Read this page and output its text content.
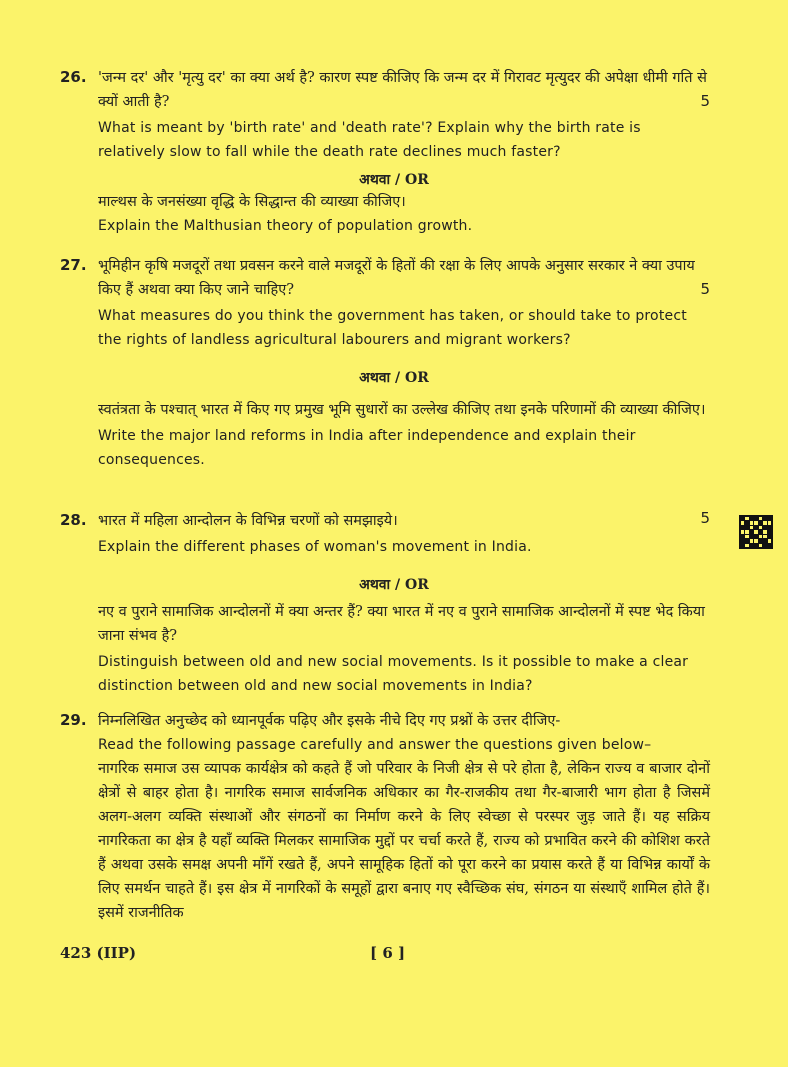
26. 'जन्म दर' और 'मृत्यु दर' का क्या अर्थ है? कारण स्पष्ट कीजिए कि जन्म दर में गिरावट मृत्युदर की अपेक्षा धीमी गति से क्यों आती है?	5

What is meant by 'birth rate' and 'death rate'? Explain why the birth rate is relatively slow to fall while the death rate declines much faster?

अथवा / OR

माल्थस के जनसंख्या वृद्धि के सिद्धान्त की व्याख्या कीजिए।

Explain the Malthusian theory of population growth.

27. भूमिहीन कृषि मजदूरों तथा प्रवसन करने वाले मजदूरों के हितों की रक्षा के लिए आपके अनुसार सरकार ने क्या उपाय किए हैं अथवा क्या किए जाने चाहिए?	5

What measures do you think the government has taken, or should take to protect the rights of landless agricultural labourers and migrant workers?

अथवा / OR

स्वतंत्रता के पश्चात् भारत में किए गए प्रमुख भूमि सुधारों का उल्लेख कीजिए तथा इनके परिणामों की व्याख्या कीजिए।

Write the major land reforms in India after independence and explain their consequences.

28. भारत में महिला आन्दोलन के विभिन्न चरणों को समझाइये।	5

Explain the different phases of woman's movement in India.

अथवा / OR

नए व पुराने सामाजिक आन्दोलनों में क्या अन्तर हैं? क्या भारत में नए व पुराने सामाजिक आन्दोलनों में स्पष्ट भेद किया जाना संभव है?

Distinguish between old and new social movements. Is it possible to make a clear distinction between old and new social movements in India?

29. निम्नलिखित अनुच्छेद को ध्यानपूर्वक पढ़िए और इसके नीचे दिए गए प्रश्नों के उत्तर दीजिए-

Read the following passage carefully and answer the questions given below–

नागरिक समाज उस व्यापक कार्यक्षेत्र को कहते हैं जो परिवार के निजी क्षेत्र से परे होता है, लेकिन राज्य व बाजार दोनों क्षेत्रों से बाहर होता है। नागरिक समाज सार्वजनिक अधिकार का गैर-राजकीय तथा गैर-बाजारी भाग होता है जिसमें अलग-अलग व्यक्ति संस्थाओं और संगठनों का निर्माण करने के लिए स्वेच्छा से परस्पर जुड़ जाते हैं। यह सक्रिय नागरिकता का क्षेत्र है यहाँ व्यक्ति मिलकर सामाजिक मुद्दों पर चर्चा करते हैं, राज्य को प्रभावित करने की कोशिश करते हैं अथवा उसके समक्ष अपनी माँगें रखते हैं, अपने सामूहिक हितों को पूरा करने का प्रयास करते हैं या विभिन्न कार्यों के लिए समर्थन चाहते हैं। इस क्षेत्र में नागरिकों के समूहों द्वारा बनाए गए स्वैच्छिक संघ, संगठन या संस्थाएँ शामिल होते हैं। इसमें राजनीतिक

423 (IIP)	[ 6 ]
